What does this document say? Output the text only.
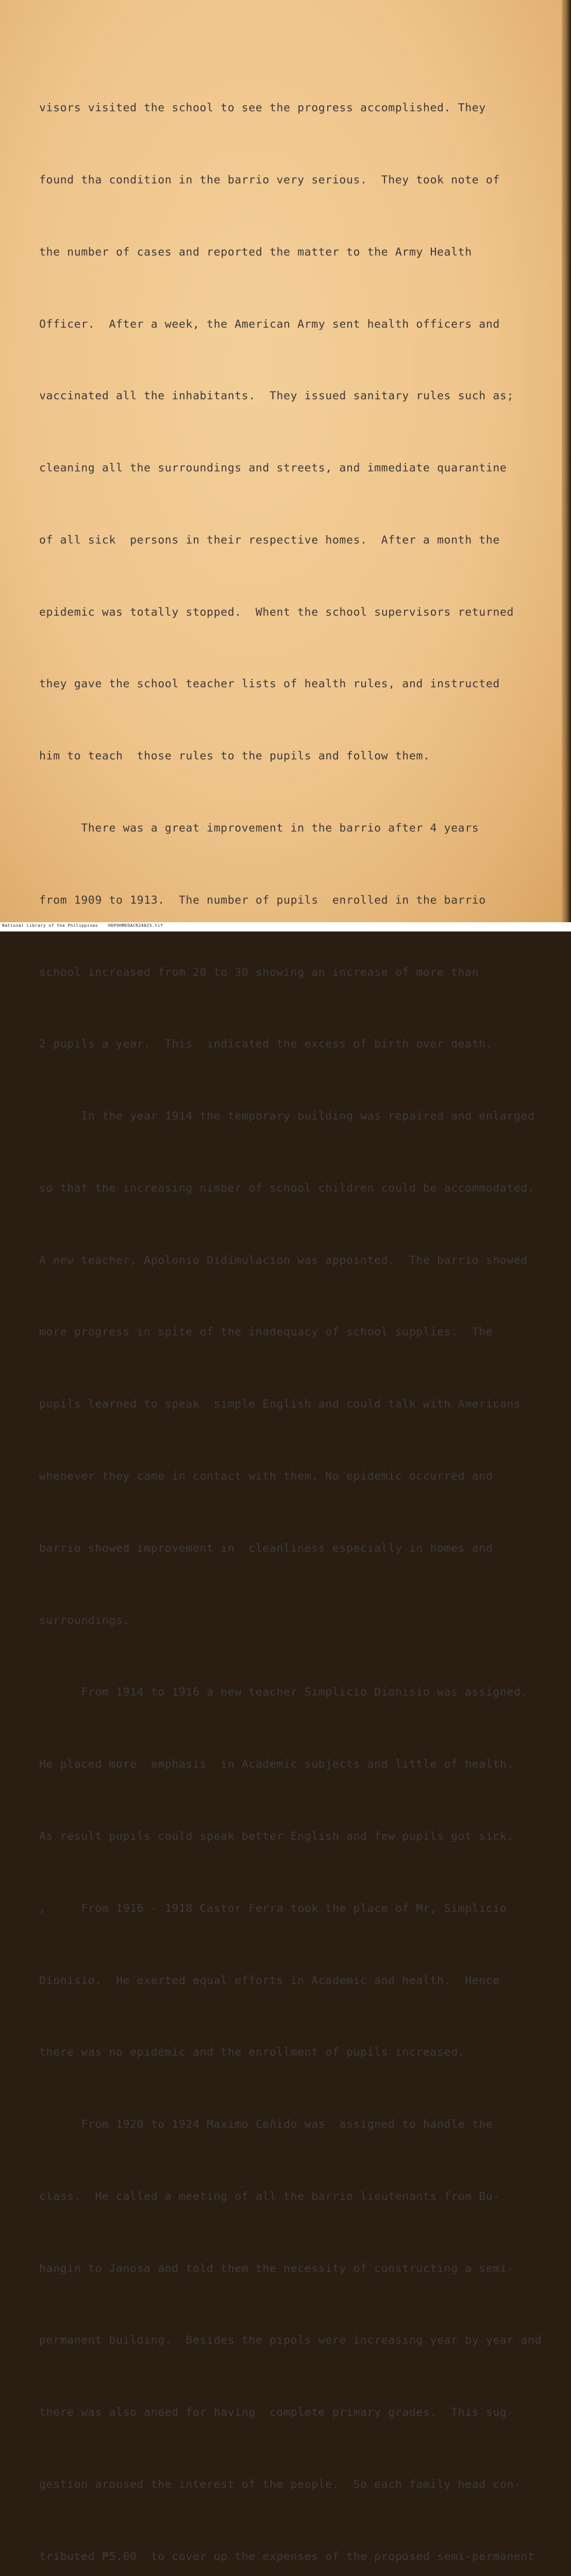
visors visited the school to see the progress accomplished. They

found tha condition in the barrio very serious.  They took note of

the number of cases and reported the matter to the Army Health

Officer.  After a week, the American Army sent health officers and

vaccinated all the inhabitants.  They issued sanitary rules such as;

cleaning all the surroundings and streets, and immediate quarantine

of all sick  persons in their respective homes.  After a month the

epidemic was totally stopped.  Whent the school supervisors returned

they gave the school teacher lists of health rules, and instructed

him to teach  those rules to the pupils and follow them.

There was a great improvement in the barrio after 4 years

from 1909 to 1913.  The number of pupils  enrolled in the barrio

school increased from 20 to 30 showing an increase of more than

2 pupils a year.  This  indicated the excess of birth over death.

In the year 1914 the temporary building was repaired and enlarged

so that the increasing nimber of school children could be accommodated.

A new teacher, Apolonio Didimulacion was appointed.  The barrio showed

more progress in spite of the inadequacy of school supplies.  The

pupils learned to speak  simple English and could talk with Americans

whenever they came in contact with them. No epidemic occurred and

barrio showed improvement in  cleanliness especially in homes and

surroundings.

From 1914 to 1916 a new teacher Simplicio Dionisio was assigned.

He placed more  emphasis  in Academic subjects and little of health.

As result pupils could speak better English and few pupils got sick.

,     From 1916 - 1918 Castor Ferra took the place of Mr, Simplicio

Dionisio.  He exerted equal efforts in Academic and health.  Hence

there was no epidemic and the enrollment of pupils increased.

From 1920 to 1924 Maximo Ceñido was  assigned to handle the

class.  He called a meeting of all the barrio lieutenants from Bu-

hangin to Janosa and told them the necessity of constructing a semi-

permanent building.  Besides the pipols were increasing year by year and

there was also aneed for having  complete primary grades.  This sug-

gestion aroused the interest of the people.  So each family head con-

tributed ₱5.00  to cover up the expenses of the proposed semi-permanent

National Library of the Philippines HDPOHMEDACR24025.tif
